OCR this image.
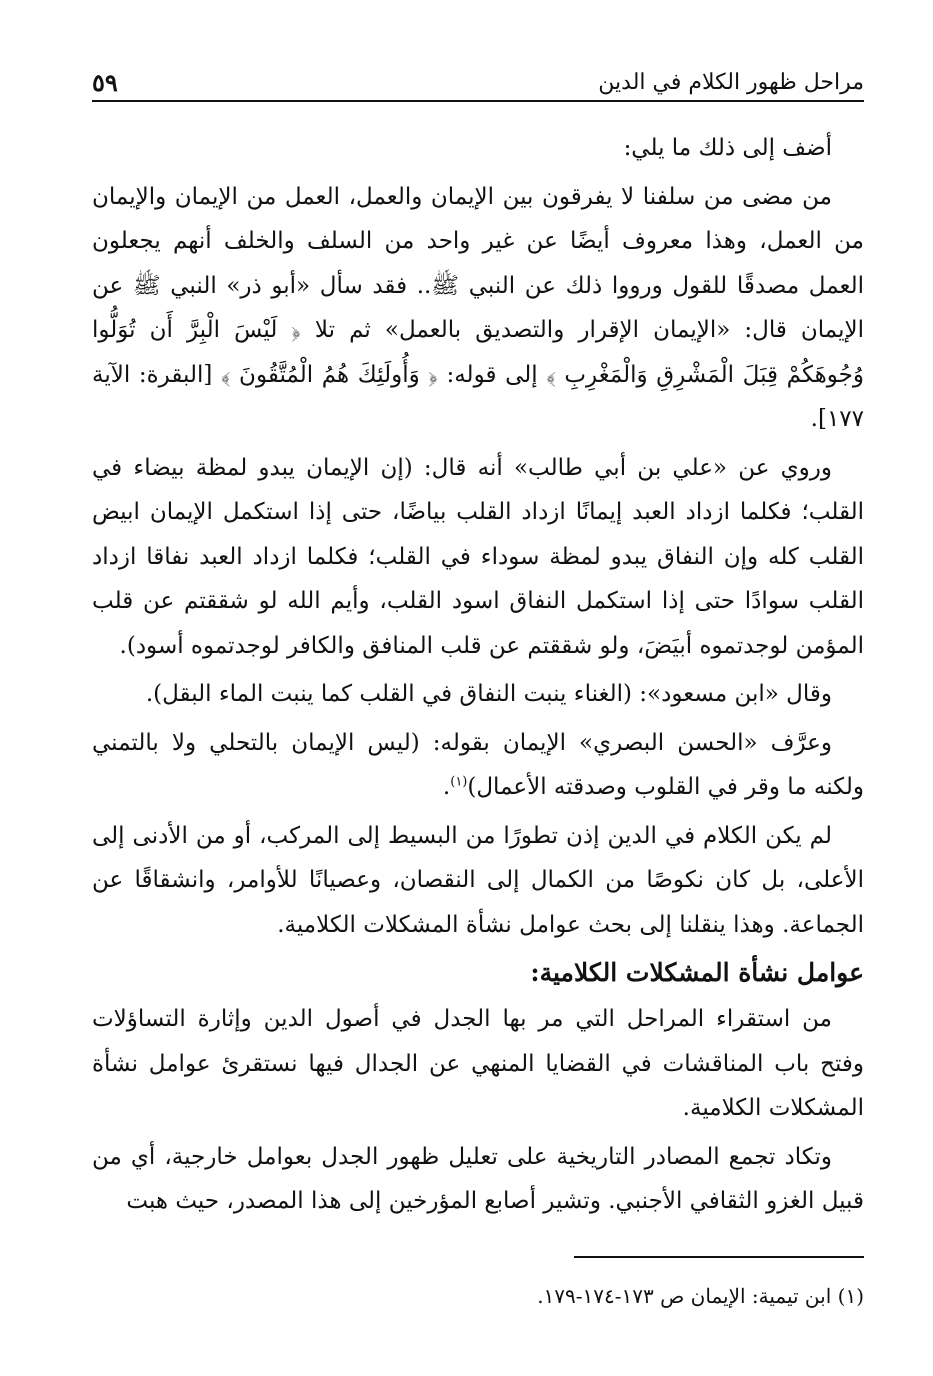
مراحل ظهور الكلام في الدين
٥٩

أضف إلى ذلك ما يلي:

من مضى من سلفنا لا يفرقون بين الإيمان والعمل، العمل من الإيمان والإيمان من العمل، وهذا معروف أيضًا عن غير واحد من السلف والخلف أنهم يجعلون العمل مصدقًا للقول ورووا ذلك عن النبي ﷺ.. فقد سأل «أبو ذر» النبي ﷺ عن الإيمان قال: «الإيمان الإقرار والتصديق بالعمل» ثم تلا ﴿ لَيْسَ الْبِرَّ أَن تُوَلُّوا وُجُوهَكُمْ قِبَلَ الْمَشْرِقِ وَالْمَغْرِبِ ﴾ إلى قوله: ﴿ وَأُولَئِكَ هُمُ الْمُتَّقُونَ ﴾ [البقرة: الآية ١٧٧].

وروي عن «علي بن أبي طالب» أنه قال: (إن الإيمان يبدو لمظة بيضاء في القلب؛ فكلما ازداد العبد إيمانًا ازداد القلب بياضًا، حتى إذا استكمل الإيمان ابيض القلب كله وإن النفاق يبدو لمظة سوداء في القلب؛ فكلما ازداد العبد نفاقا ازداد القلب سوادًا حتى إذا استكمل النفاق اسود القلب، وأيم الله لو شققتم عن قلب المؤمن لوجدتموه أبيَضَ، ولو شققتم عن قلب المنافق والكافر لوجدتموه أسود).

وقال «ابن مسعود»: (الغناء ينبت النفاق في القلب كما ينبت الماء البقل).

وعرَّف «الحسن البصري» الإيمان بقوله: (ليس الإيمان بالتحلي ولا بالتمني ولكنه ما وقر في القلوب وصدقته الأعمال)$^{(١)}$.

لم يكن الكلام في الدين إذن تطورًا من البسيط إلى المركب، أو من الأدنى إلى الأعلى، بل كان نكوصًا من الكمال إلى النقصان، وعصيانًا للأوامر، وانشقاقًا عن الجماعة. وهذا ينقلنا إلى بحث عوامل نشأة المشكلات الكلامية.

عوامل نشأة المشكلات الكلامية:

من استقراء المراحل التي مر بها الجدل في أصول الدين وإثارة التساؤلات وفتح باب المناقشات في القضايا المنهي عن الجدال فيها نستقرئ عوامل نشأة المشكلات الكلامية.

وتكاد تجمع المصادر التاريخية على تعليل ظهور الجدل بعوامل خارجية، أي من قبيل الغزو الثقافي الأجنبي. وتشير أصابع المؤرخين إلى هذا المصدر، حيث هبت

(١) ابن تيمية: الإيمان ص ١٧٣-١٧٤-١٧٩.
